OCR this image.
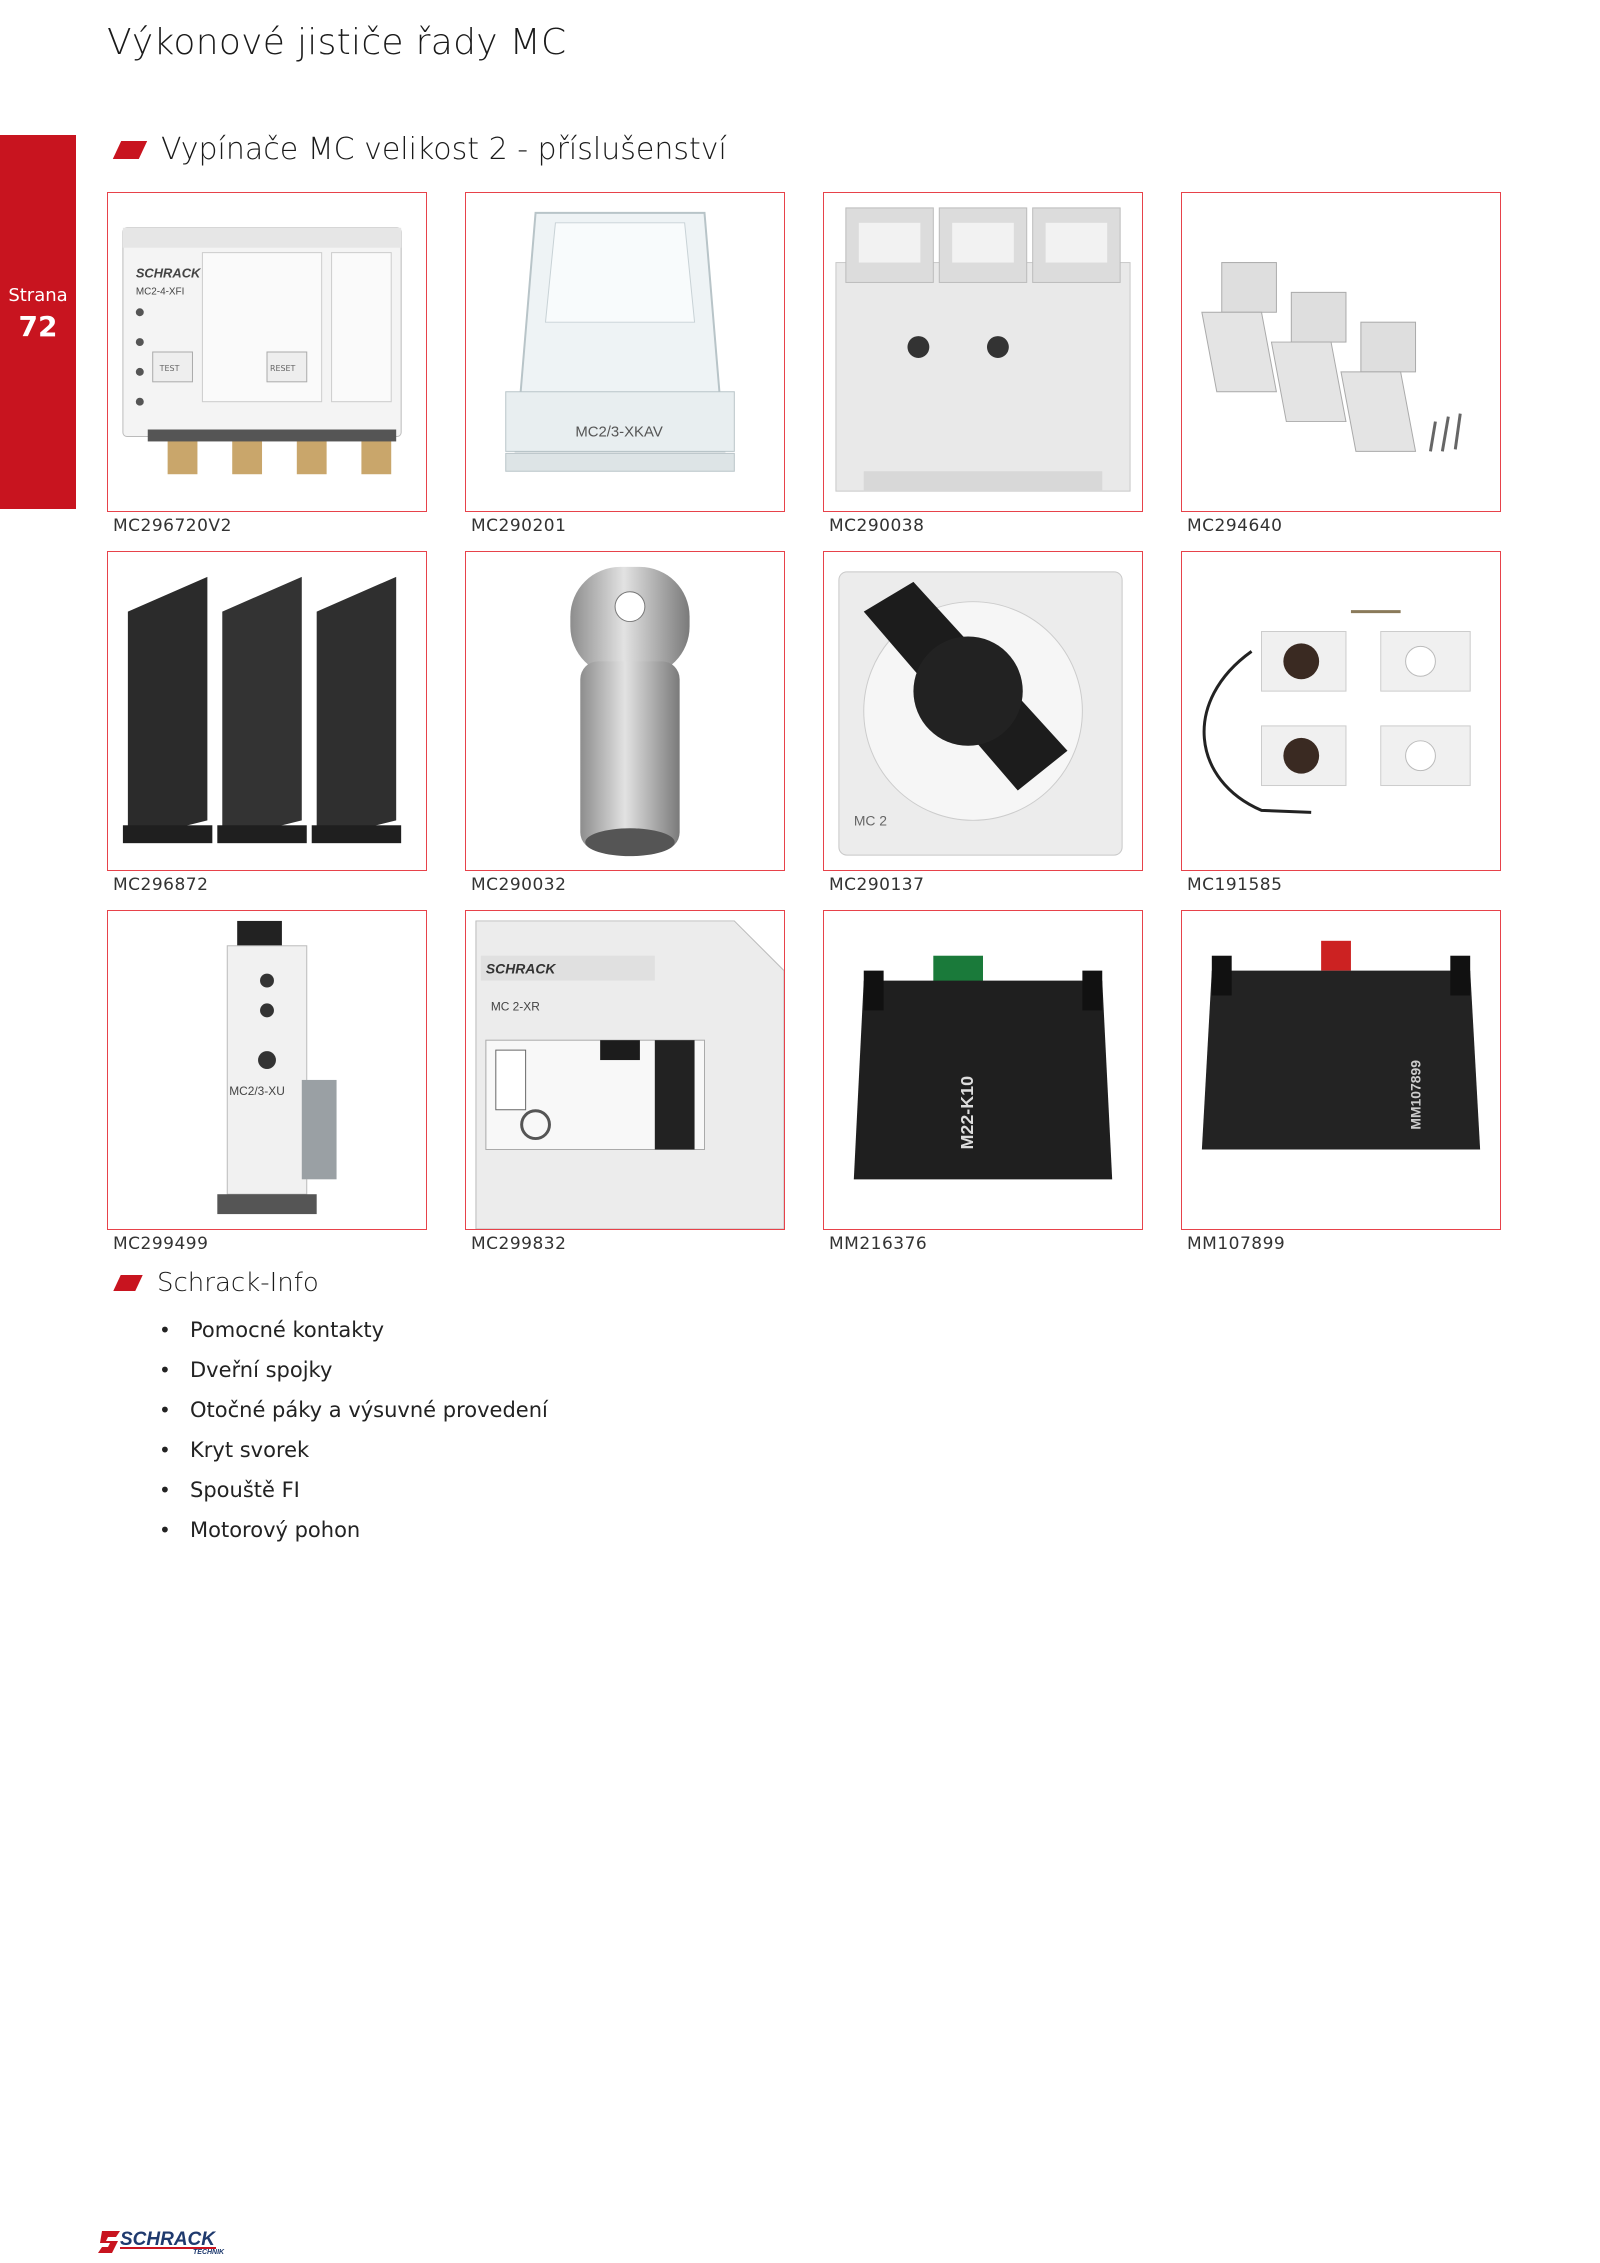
Výkonové jističe řady MC
Strana
72
Vypínače MC velikost 2 - příslušenství
SCHRACK
MC2-4-XFI
TEST	RESET
MC296720V2
MC2/3-XKAV
MC290201	MC290038	MC294640
MC296872	MC290032
MC 2
MC290137	MC191585
MC2/3-XU
MC299499
SCHRACK
MC 2-XR
MC299832
M22-K10
MM216376
MM107899
MM107899
Schrack-Info
• Pomocné kontakty
• Dveřní spojky
• Otočné páky a výsuvné provedení
• Kryt svorek
• Spouště FI
• Motorový pohon
SCHRACK
TECHNIK
